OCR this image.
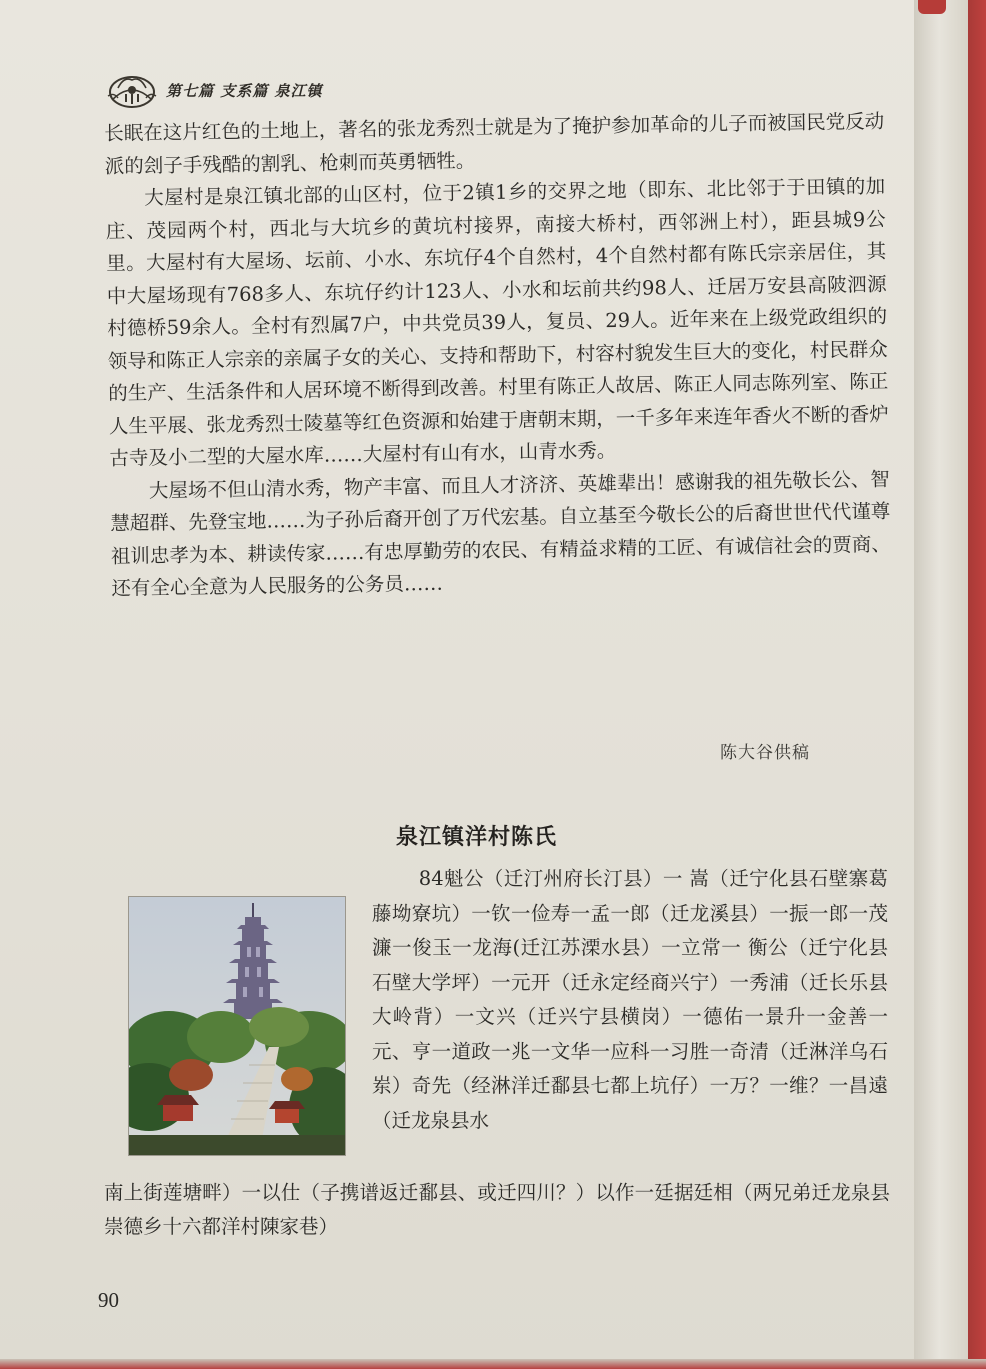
第七篇 支系篇 泉江镇

长眠在这片红色的土地上，著名的张龙秀烈士就是为了掩护参加革命的儿子而被国民党反动派的刽子手残酷的割乳、枪刺而英勇牺牲。

大屋村是泉江镇北部的山区村，位于2镇1乡的交界之地（即东、北比邻于于田镇的加庄、茂园两个村，西北与大坑乡的黄坑村接界，南接大桥村，西邻洲上村），距县城9公里。大屋村有大屋场、坛前、小水、东坑仔4个自然村，4个自然村都有陈氏宗亲居住，其中大屋场现有768多人、东坑仔约计123人、小水和坛前共约98人、迁居万安县高陂泗源村德桥59余人。全村有烈属7户，中共党员39人，复员、29人。近年来在上级党政组织的领导和陈正人宗亲的亲属子女的关心、支持和帮助下，村容村貌发生巨大的变化，村民群众的生产、生活条件和人居环境不断得到改善。村里有陈正人故居、陈正人同志陈列室、陈正人生平展、张龙秀烈士陵墓等红色资源和始建于唐朝末期，一千多年来连年香火不断的香炉古寺及小二型的大屋水库……大屋村有山有水，山青水秀。

大屋场不但山清水秀，物产丰富、而且人才济济、英雄辈出！感谢我的祖先敬长公、智慧超群、先登宝地……为子孙后裔开创了万代宏基。自立基至今敬长公的后裔世世代代谨尊祖训忠孝为本、耕读传家……有忠厚勤劳的农民、有精益求精的工匠、有诚信社会的贾商、还有全心全意为人民服务的公务员……

陈大谷供稿
泉江镇洋村陈氏

84魁公（迁汀州府长汀县）一 嵩（迁宁化县石壁寨葛藤坳寮坑）一钦一俭寿一孟一郎（迁龙溪县）一振一郎一茂濂一俊玉一龙海(迁江苏溧水县）一立常一 衡公（迁宁化县石壁大学坪）一元开（迁永定经商兴宁）一秀浦（迁长乐县大岭背）一文兴（迁兴宁县横岗）一德佑一景升一金善一元、亨一道政一兆一文华一应科一习胜一奇清（迁淋洋乌石岽）奇先（经淋洋迁鄱县七都上坑仔）一万？一维？一昌遠（迁龙泉县水

南上街莲塘畔）一以仕（子携谱返迁鄱县、或迁四川？）以作一廷据廷相（两兄弟迁龙泉县崇德乡十六都洋村陳家巷）

90
